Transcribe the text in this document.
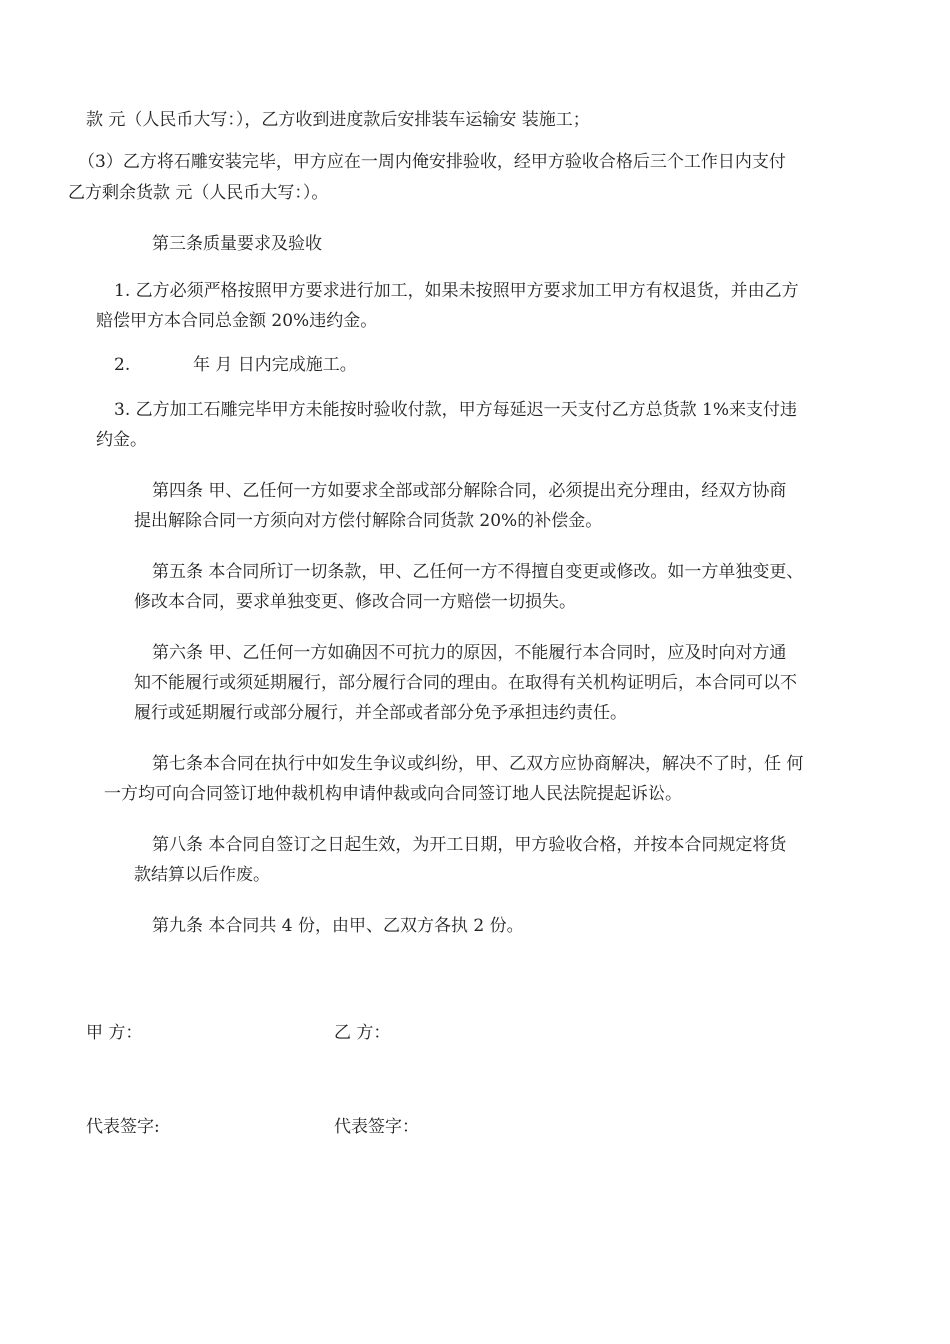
款 元（人民币大写：），乙方收到进度款后安排装车运输安 装施工；

（3）乙方将石雕安装完毕，甲方应在一周内俺安排验收，经甲方验收合格后三个工作日内支付

乙方剩余货款 元（人民币大写：）。

第三条质量要求及验收

1. 乙方必须严格按照甲方要求进行加工，如果未按照甲方要求加工甲方有权退货，并由乙方

赔偿甲方本合同总金额 20%违约金。

2.	年 月 日内完成施工。

3. 乙方加工石雕完毕甲方未能按时验收付款，甲方每延迟一天支付乙方总货款 1%来支付违

约金。

第四条 甲、乙任何一方如要求全部或部分解除合同，必须提出充分理由，经双方协商

提出解除合同一方须向对方偿付解除合同货款 20%的补偿金。

第五条 本合同所订一切条款，甲、乙任何一方不得擅自变更或修改。如一方单独变更、

修改本合同，要求单独变更、修改合同一方赔偿一切损失。

第六条 甲、乙任何一方如确因不可抗力的原因，不能履行本合同时，应及时向对方通

知不能履行或须延期履行，部分履行合同的理由。在取得有关机构证明后，本合同可以不

履行或延期履行或部分履行，并全部或者部分免予承担违约责任。

第七条本合同在执行中如发生争议或纠纷，甲、乙双方应协商解决，解决不了时，任 何

一方均可向合同签订地仲裁机构申请仲裁或向合同签订地人民法院提起诉讼。

第八条 本合同自签订之日起生效，为开工日期，甲方验收合格，并按本合同规定将货

款结算以后作废。

第九条 本合同共 4 份，由甲、乙双方各执 2 份。

甲 方：	乙 方：

代表签字:	代表签字：
